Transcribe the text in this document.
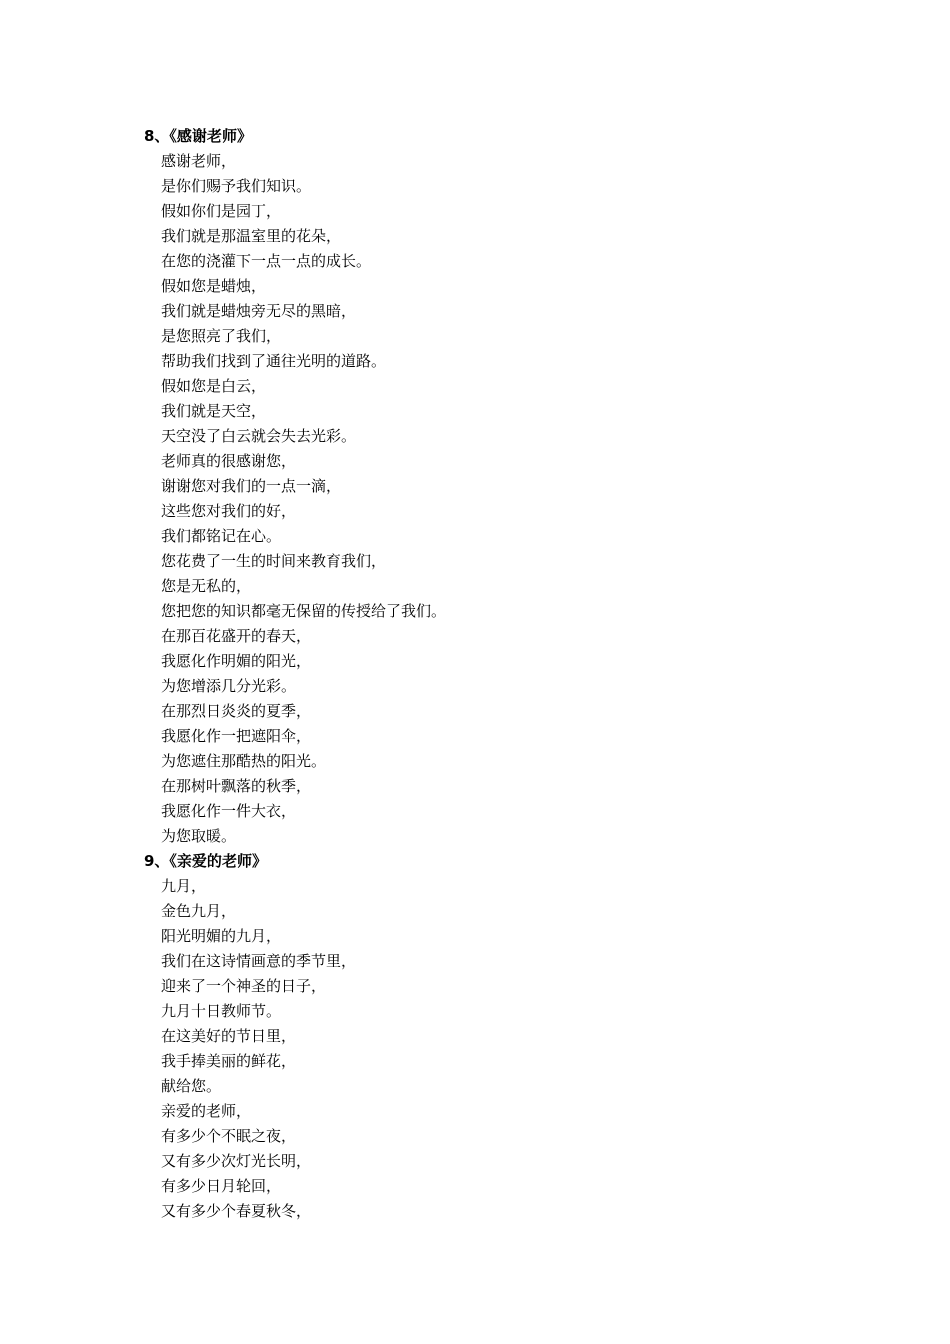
8、《感谢老师》
感谢老师，
是你们赐予我们知识。
假如你们是园丁，
我们就是那温室里的花朵，
在您的浇灌下一点一点的成长。
假如您是蜡烛，
我们就是蜡烛旁无尽的黑暗，
是您照亮了我们，
帮助我们找到了通往光明的道路。
假如您是白云，
我们就是天空，
天空没了白云就会失去光彩。
老师真的很感谢您，
谢谢您对我们的一点一滴，
这些您对我们的好，
我们都铭记在心。
您花费了一生的时间来教育我们，
您是无私的，
您把您的知识都毫无保留的传授给了我们。
在那百花盛开的春天，
我愿化作明媚的阳光，
为您增添几分光彩。
在那烈日炎炎的夏季，
我愿化作一把遮阳伞，
为您遮住那酷热的阳光。
在那树叶飘落的秋季，
我愿化作一件大衣，
为您取暖。
9、《亲爱的老师》
九月，
金色九月，
阳光明媚的九月，
我们在这诗情画意的季节里，
迎来了一个神圣的日子，
九月十日教师节。
在这美好的节日里，
我手捧美丽的鲜花，
献给您。
亲爱的老师，
有多少个不眠之夜，
又有多少次灯光长明，
有多少日月轮回，
又有多少个春夏秋冬，
